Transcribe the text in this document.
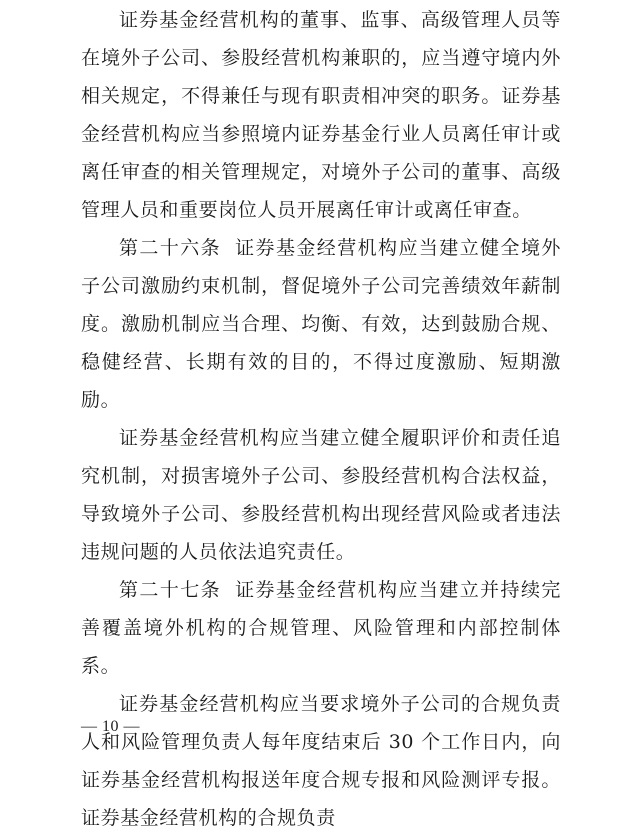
证券基金经营机构的董事、监事、高级管理人员等在境外子公司、参股经营机构兼职的，应当遵守境内外相关规定，不得兼任与现有职责相冲突的职务。证券基金经营机构应当参照境内证券基金行业人员离任审计或离任审查的相关管理规定，对境外子公司的董事、高级管理人员和重要岗位人员开展离任审计或离任审查。

第二十六条 证券基金经营机构应当建立健全境外子公司激励约束机制，督促境外子公司完善绩效年薪制度。激励机制应当合理、均衡、有效，达到鼓励合规、稳健经营、长期有效的目的，不得过度激励、短期激励。

证券基金经营机构应当建立健全履职评价和责任追究机制，对损害境外子公司、参股经营机构合法权益，导致境外子公司、参股经营机构出现经营风险或者违法违规问题的人员依法追究责任。

第二十七条 证券基金经营机构应当建立并持续完善覆盖境外机构的合规管理、风险管理和内部控制体系。

证券基金经营机构应当要求境外子公司的合规负责人和风险管理负责人每年度结束后 30 个工作日内，向证券基金经营机构报送年度合规专报和风险测评专报。证券基金经营机构的合规负责

— 10 —
